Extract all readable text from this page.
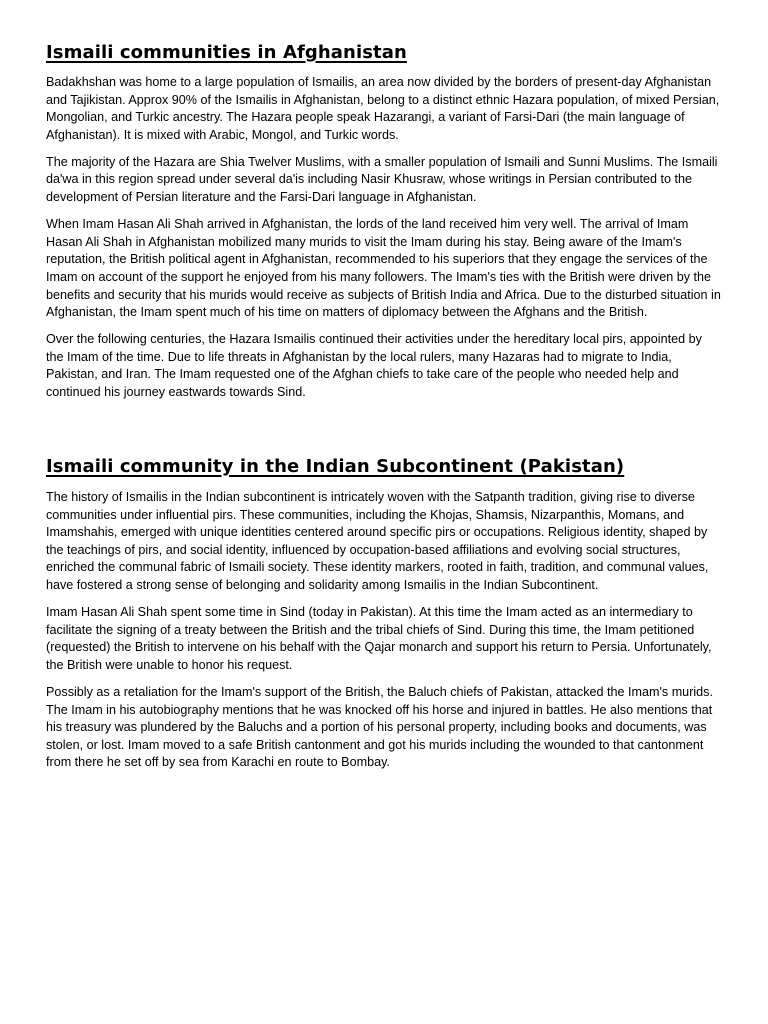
Ismaili communities in Afghanistan

Badakhshan was home to a large population of Ismailis, an area now divided by the borders of present-day Afghanistan and Tajikistan. Approx 90% of the Ismailis in Afghanistan, belong to a distinct ethnic Hazara population, of mixed Persian, Mongolian, and Turkic ancestry. The Hazara people speak Hazarangi, a variant of Farsi-Dari (the main language of Afghanistan). It is mixed with Arabic, Mongol, and Turkic words.

The majority of the Hazara are Shia Twelver Muslims, with a smaller population of Ismaili and Sunni Muslims. The Ismaili da'wa in this region spread under several da'is including Nasir Khusraw, whose writings in Persian contributed to the development of Persian literature and the Farsi-Dari language in Afghanistan.

When Imam Hasan Ali Shah arrived in Afghanistan, the lords of the land received him very well. The arrival of Imam Hasan Ali Shah in Afghanistan mobilized many murids to visit the Imam during his stay. Being aware of the Imam's reputation, the British political agent in Afghanistan, recommended to his superiors that they engage the services of the Imam on account of the support he enjoyed from his many followers. The Imam's ties with the British were driven by the benefits and security that his murids would receive as subjects of British India and Africa. Due to the disturbed situation in Afghanistan, the Imam spent much of his time on matters of diplomacy between the Afghans and the British.

Over the following centuries, the Hazara Ismailis continued their activities under the hereditary local pirs, appointed by the Imam of the time. Due to life threats in Afghanistan by the local rulers, many Hazaras had to migrate to India, Pakistan, and Iran. The Imam requested one of the Afghan chiefs to take care of the people who needed help and continued his journey eastwards towards Sind.

Ismaili community in the Indian Subcontinent (Pakistan)

The history of Ismailis in the Indian subcontinent is intricately woven with the Satpanth tradition, giving rise to diverse communities under influential pirs. These communities, including the Khojas, Shamsis, Nizarpanthis, Momans, and Imamshahis, emerged with unique identities centered around specific pirs or occupations. Religious identity, shaped by the teachings of pirs, and social identity, influenced by occupation-based affiliations and evolving social structures, enriched the communal fabric of Ismaili society. These identity markers, rooted in faith, tradition, and communal values, have fostered a strong sense of belonging and solidarity among Ismailis in the Indian Subcontinent.

Imam Hasan Ali Shah spent some time in Sind (today in Pakistan). At this time the Imam acted as an intermediary to facilitate the signing of a treaty between the British and the tribal chiefs of Sind. During this time, the Imam petitioned (requested) the British to intervene on his behalf with the Qajar monarch and support his return to Persia. Unfortunately, the British were unable to honor his request.

Possibly as a retaliation for the Imam's support of the British, the Baluch chiefs of Pakistan, attacked the Imam's murids. The Imam in his autobiography mentions that he was knocked off his horse and injured in battles. He also mentions that his treasury was plundered by the Baluchs and a portion of his personal property, including books and documents, was stolen, or lost. Imam moved to a safe British cantonment and got his murids including the wounded to that cantonment from there he set off by sea from Karachi en route to Bombay.
